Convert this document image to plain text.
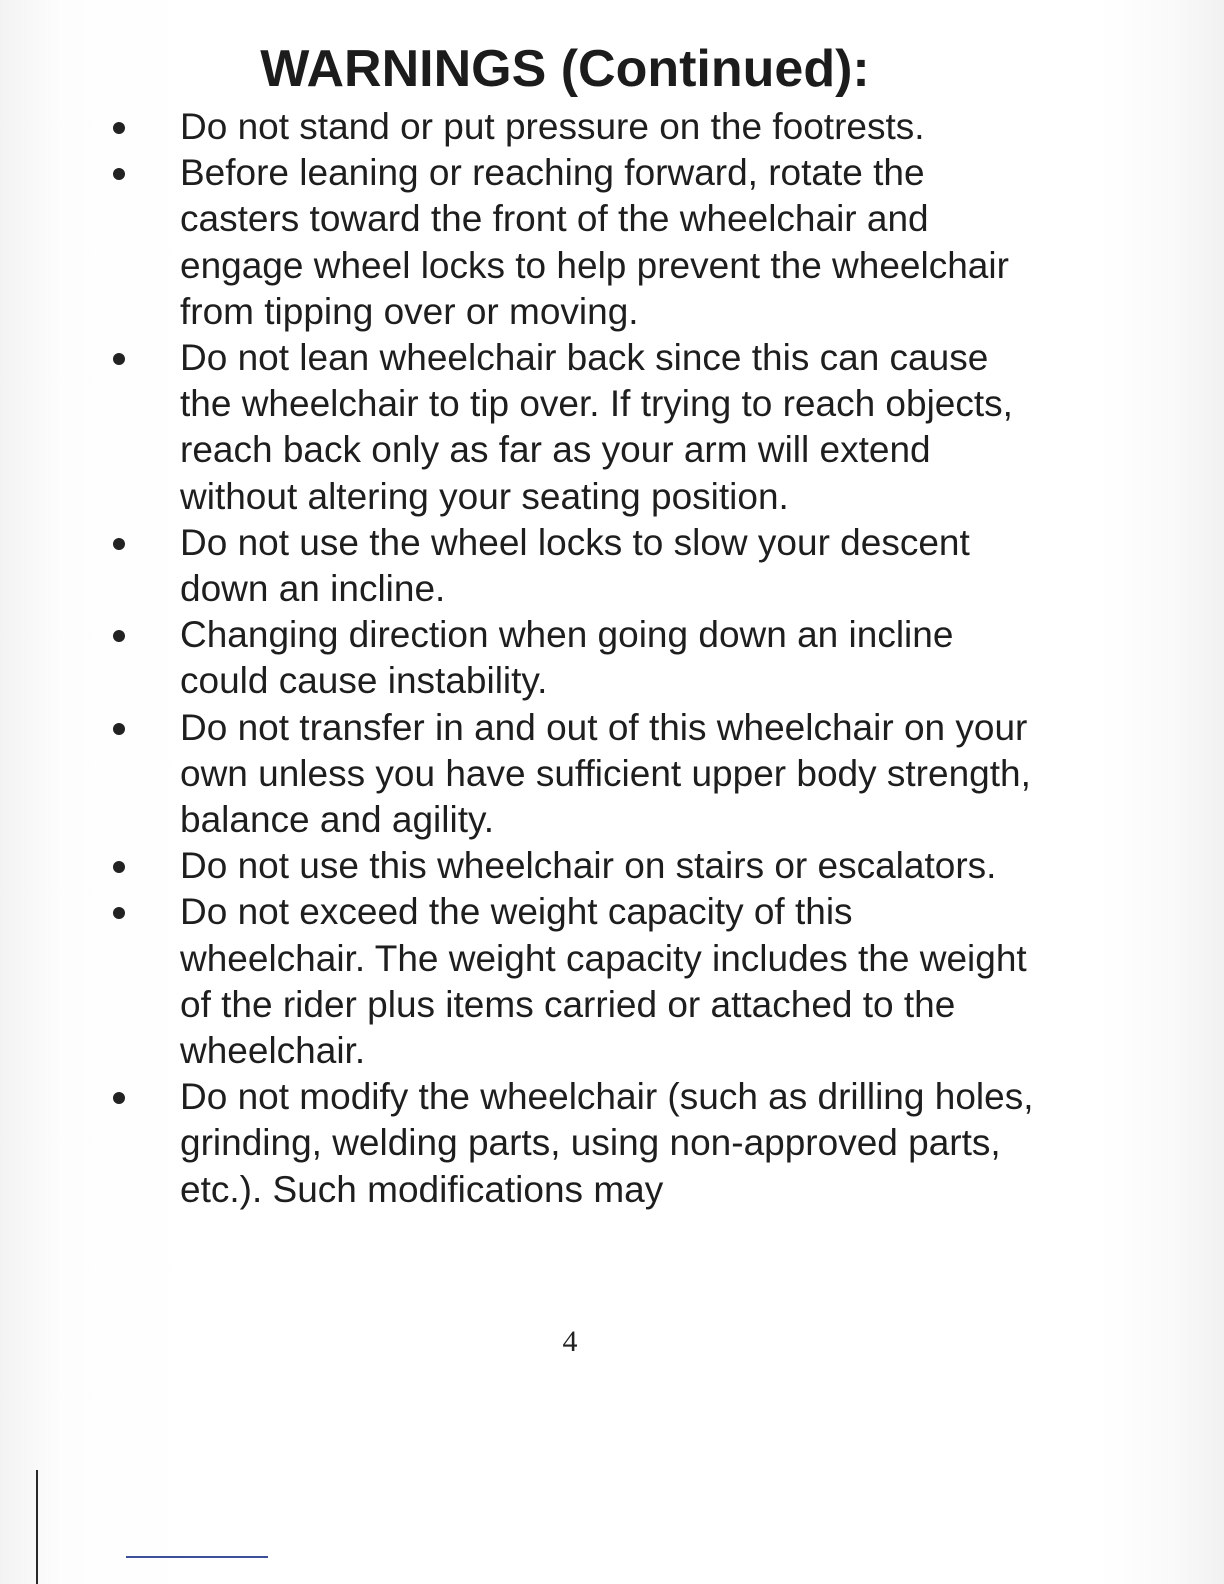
WARNINGS (Continued):
Do not stand or put pressure on the footrests.
Before leaning or reaching forward, rotate the casters toward the front of the wheelchair and engage wheel locks to help prevent the wheelchair from tipping over or moving.
Do not lean wheelchair back since this can cause the wheelchair to tip over. If trying to reach objects, reach back only as far as your arm will extend without altering your seating position.
Do not use the wheel locks to slow your descent down an incline.
Changing direction when going down an incline could cause instability.
Do not transfer in and out of this wheelchair on your own unless you have sufficient upper body strength, balance and agility.
Do not use this wheelchair on stairs or escalators.
Do not exceed the weight capacity of this wheelchair. The weight capacity includes the weight of the rider plus items carried or attached to the wheelchair.
Do not modify the wheelchair (such as drilling holes, grinding, welding parts, using non-approved parts, etc.). Such modifications may
4
